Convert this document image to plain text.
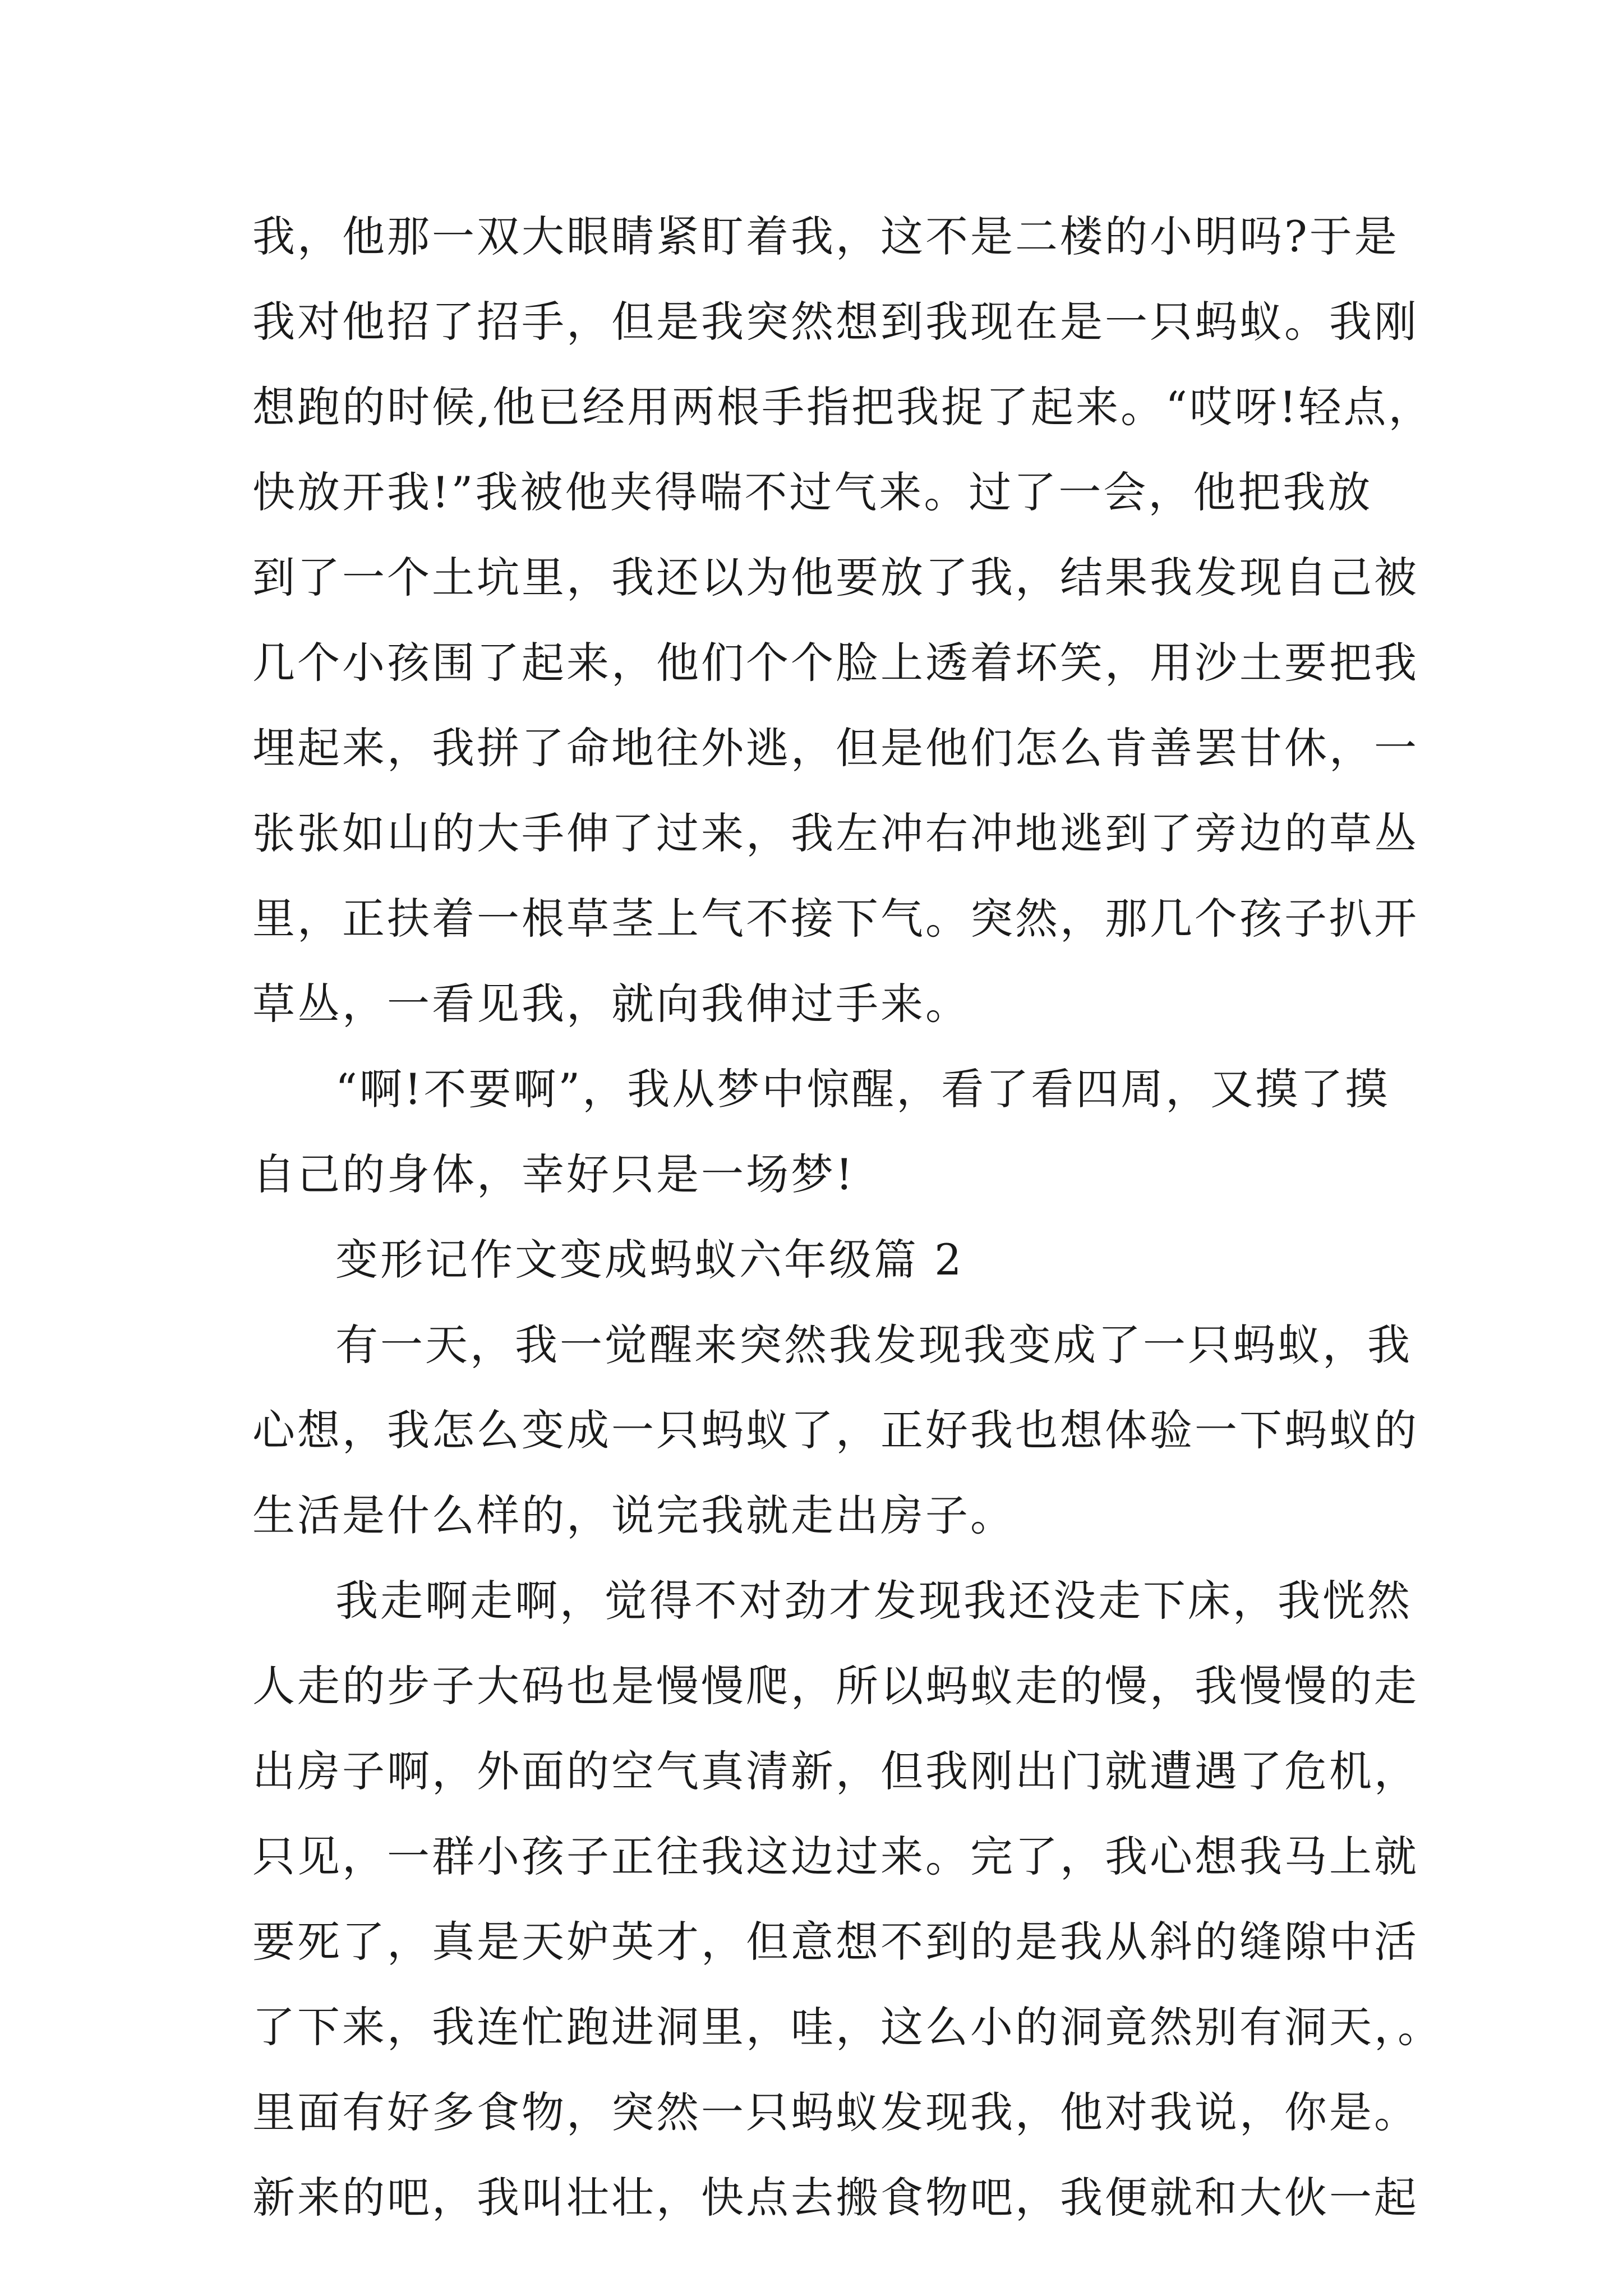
我，他那一双大眼睛紧盯着我，这不是二楼的小明吗?于是
我对他招了招手，但是我突然想到我现在是一只蚂蚁。我刚
想跑的时候,他已经用两根手指把我捉了起来。“哎呀!轻点，
快放开我!”我被他夹得喘不过气来。过了一会，他把我放
到了一个土坑里，我还以为他要放了我，结果我发现自己被
几个小孩围了起来，他们个个脸上透着坏笑，用沙土要把我
埋起来，我拼了命地往外逃，但是他们怎么肯善罢甘休，一
张张如山的大手伸了过来，我左冲右冲地逃到了旁边的草丛
里，正扶着一根草茎上气不接下气。突然，那几个孩子扒开
草丛，一看见我，就向我伸过手来。
“啊!不要啊”，我从梦中惊醒，看了看四周，又摸了摸
自己的身体，幸好只是一场梦!
变形记作文变成蚂蚁六年级篇 2
有一天，我一觉醒来突然我发现我变成了一只蚂蚁，我
心想，我怎么变成一只蚂蚁了，正好我也想体验一下蚂蚁的
生活是什么样的，说完我就走出房子。
我走啊走啊，觉得不对劲才发现我还没走下床，我恍然
人走的步子大码也是慢慢爬，所以蚂蚁走的慢，我慢慢的走
出房子啊，外面的空气真清新，但我刚出门就遭遇了危机，
只见，一群小孩子正往我这边过来。完了，我心想我马上就
要死了，真是天妒英才，但意想不到的是我从斜的缝隙中活
了下来，我连忙跑进洞里，哇，这么小的洞竟然别有洞天，。
里面有好多食物，突然一只蚂蚁发现我，他对我说，你是。
新来的吧，我叫壮壮，快点去搬食物吧，我便就和大伙一起
